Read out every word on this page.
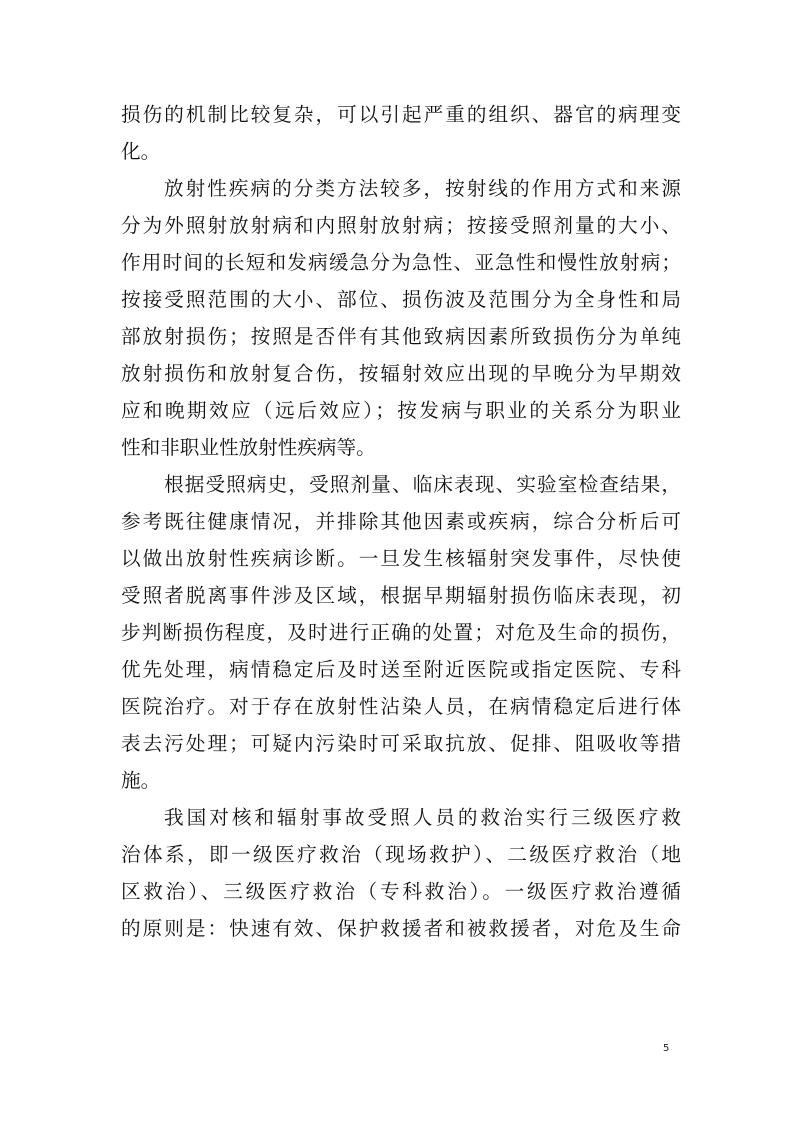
损伤的机制比较复杂，可以引起严重的组织、器官的病理变
化。
放射性疾病的分类方法较多，按射线的作用方式和来源
分为外照射放射病和内照射放射病；按接受照剂量的大小、
作用时间的长短和发病缓急分为急性、亚急性和慢性放射病；
按接受照范围的大小、部位、损伤波及范围分为全身性和局
部放射损伤；按照是否伴有其他致病因素所致损伤分为单纯
放射损伤和放射复合伤，按辐射效应出现的早晚分为早期效
应和晚期效应（远后效应）；按发病与职业的关系分为职业
性和非职业性放射性疾病等。
根据受照病史，受照剂量、临床表现、实验室检查结果，
参考既往健康情况，并排除其他因素或疾病，综合分析后可
以做出放射性疾病诊断。一旦发生核辐射突发事件，尽快使
受照者脱离事件涉及区域，根据早期辐射损伤临床表现，初
步判断损伤程度，及时进行正确的处置；对危及生命的损伤，
优先处理，病情稳定后及时送至附近医院或指定医院、专科
医院治疗。对于存在放射性沾染人员，在病情稳定后进行体
表去污处理；可疑内污染时可采取抗放、促排、阻吸收等措
施。
我国对核和辐射事故受照人员的救治实行三级医疗救
治体系，即一级医疗救治（现场救护）、二级医疗救治（地
区救治）、三级医疗救治（专科救治）。一级医疗救治遵循
的原则是：快速有效、保护救援者和被救援者，对危及生命
5
